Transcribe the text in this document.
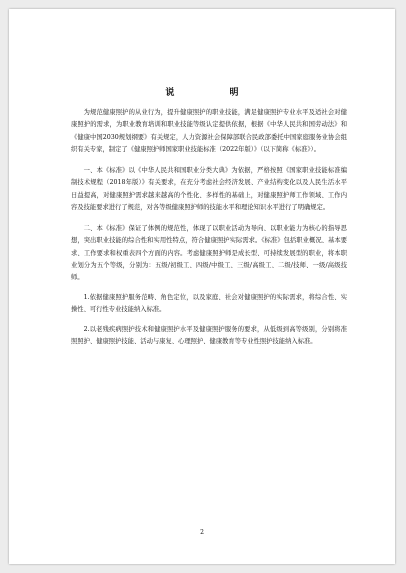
说 明

为规范健康照护的从业行为，提升健康照护的职业技能，满足健康照护专业水平及适社会对健康照护的需求，为职业教育培训和职业技能等级认定提供依据，根据《中华人民共和国劳动法》和《健康中国2030规划纲要》有关规定，人力资源社会保障部联合民政部委托中国家庭服务业协会组织有关专家，制定了《健康照护师国家职业技能标准（2022年版）》（以下简称《标准》）。

一、本《标准》以《中华人民共和国职业分类大典》为依据，严格按照《国家职业技能标准编制技术规程（2018年版）》有关要求，在充分考虑社会经济发展、产业结构变化以及人民生活水平日益提高，对健康照护需求越来越高的个性化、多样性的基础上，对健康照护师工作领域、工作内容及技能要求进行了规范，对各等级健康照护师的技能水平和理论知识水平进行了明确规定。

二、本《标准》保证了体例的规范性，体现了以职业活动为导向、以职业能力为核心的指导思想，突出职业技能的综合性和实用性特点，符合健康照护实际需求。《标准》包括职业概况、基本要求、工作要求和权重表四个方面的内容。考虑健康照护师是成长型、可持续发展型的职业，将本职业划分为五个等级，分别为：五级/初级工、四级/中级工、三级/高级工、二级/技师、一级/高级技师。

1.依据健康照护服务范畴、角色定位，以及家庭、社会对健康照护的实际需求，将综合性、实操性、可行性专业技能纳入标准。

2.以老残疾病照护技术和健康照护水平及健康照护服务的要求，从低级到高等级别，分别将准照照护、健康照护技能、活动与康复、心理照护、健康教育等专业性照护技能纳入标准。

2
